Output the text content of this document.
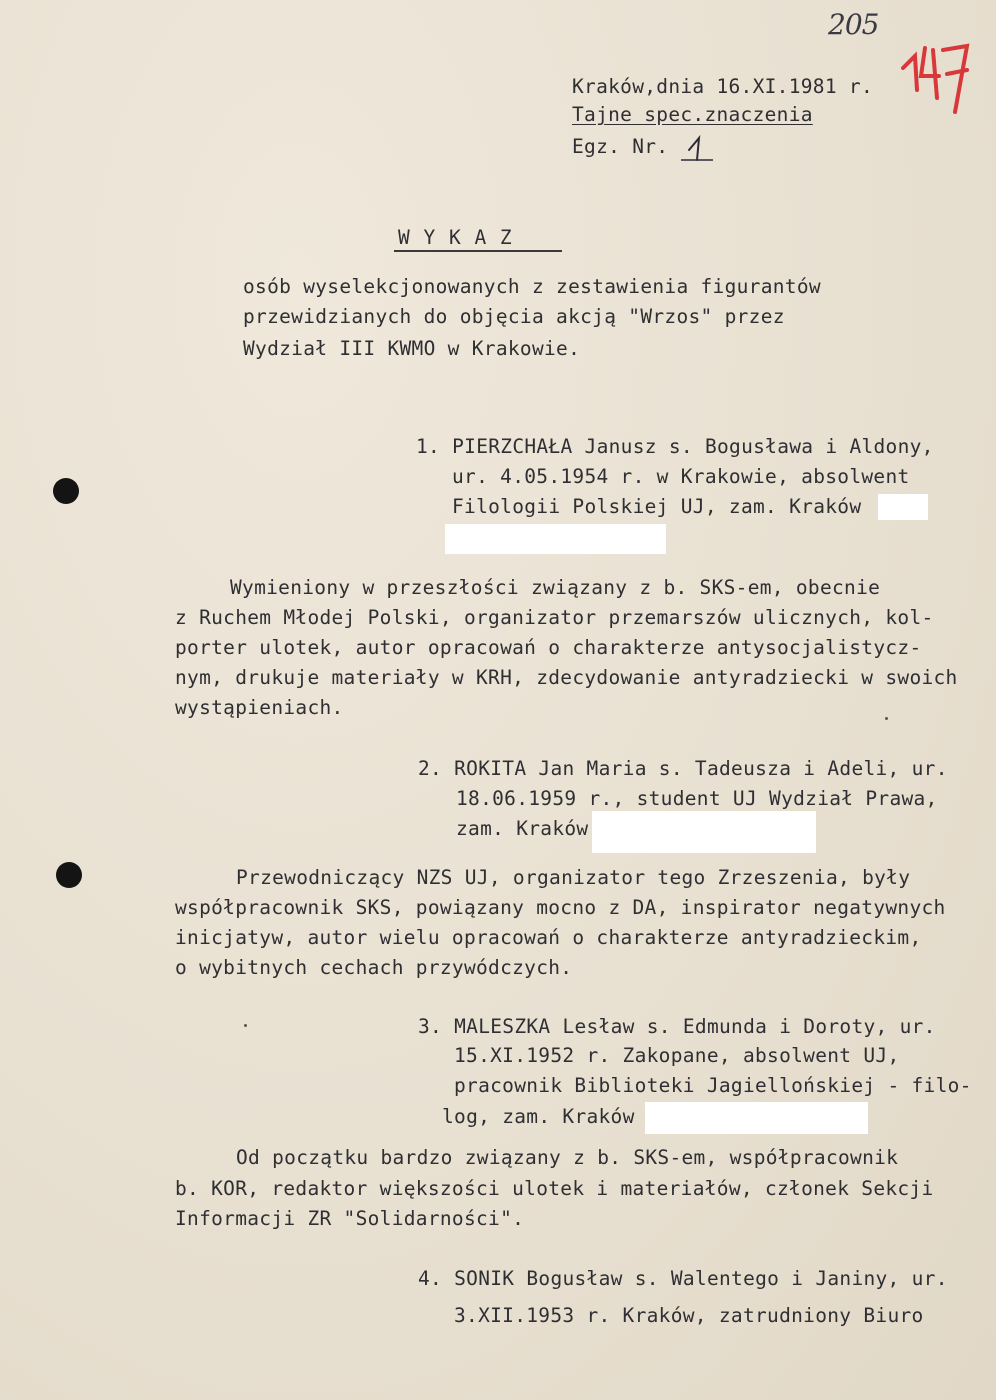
205
Kraków,dnia 16.XI.1981 r.
Tajne spec.znaczenia
Egz. Nr.
W Y K A Z
osób wyselekcjonowanych z zestawienia figurantów
przewidzianych do objęcia akcją "Wrzos" przez
Wydział III KWMO w Krakowie.
1. PIERZCHAŁA Janusz s. Bogusława i Aldony,
ur. 4.05.1954 r. w Krakowie, absolwent
Filologii Polskiej UJ, zam. Kraków
Wymieniony w przeszłości związany z b. SKS-em, obecnie
z Ruchem Młodej Polski, organizator przemarszów ulicznych, kol-
porter ulotek, autor opracowań o charakterze antysocjalistycz-
nym, drukuje materiały w KRH, zdecydowanie antyradziecki w swoich
wystąpieniach.
2. ROKITA Jan Maria s. Tadeusza i Adeli, ur.
18.06.1959 r., student UJ Wydział Prawa,
zam. Kraków
Przewodniczący NZS UJ, organizator tego Zrzeszenia, były
współpracownik SKS, powiązany mocno z DA, inspirator negatywnych
inicjatyw, autor wielu opracowań o charakterze antyradzieckim,
o wybitnych cechach przywódczych.
3. MALESZKA Lesław s. Edmunda i Doroty, ur.
15.XI.1952 r. Zakopane, absolwent UJ,
pracownik Biblioteki Jagiellońskiej - filo-
log, zam. Kraków
Od początku bardzo związany z b. SKS-em, współpracownik
b. KOR, redaktor większości ulotek i materiałów, członek Sekcji
Informacji ZR "Solidarności".
4. SONIK Bogusław s. Walentego i Janiny, ur.
3.XII.1953 r. Kraków, zatrudniony Biuro
